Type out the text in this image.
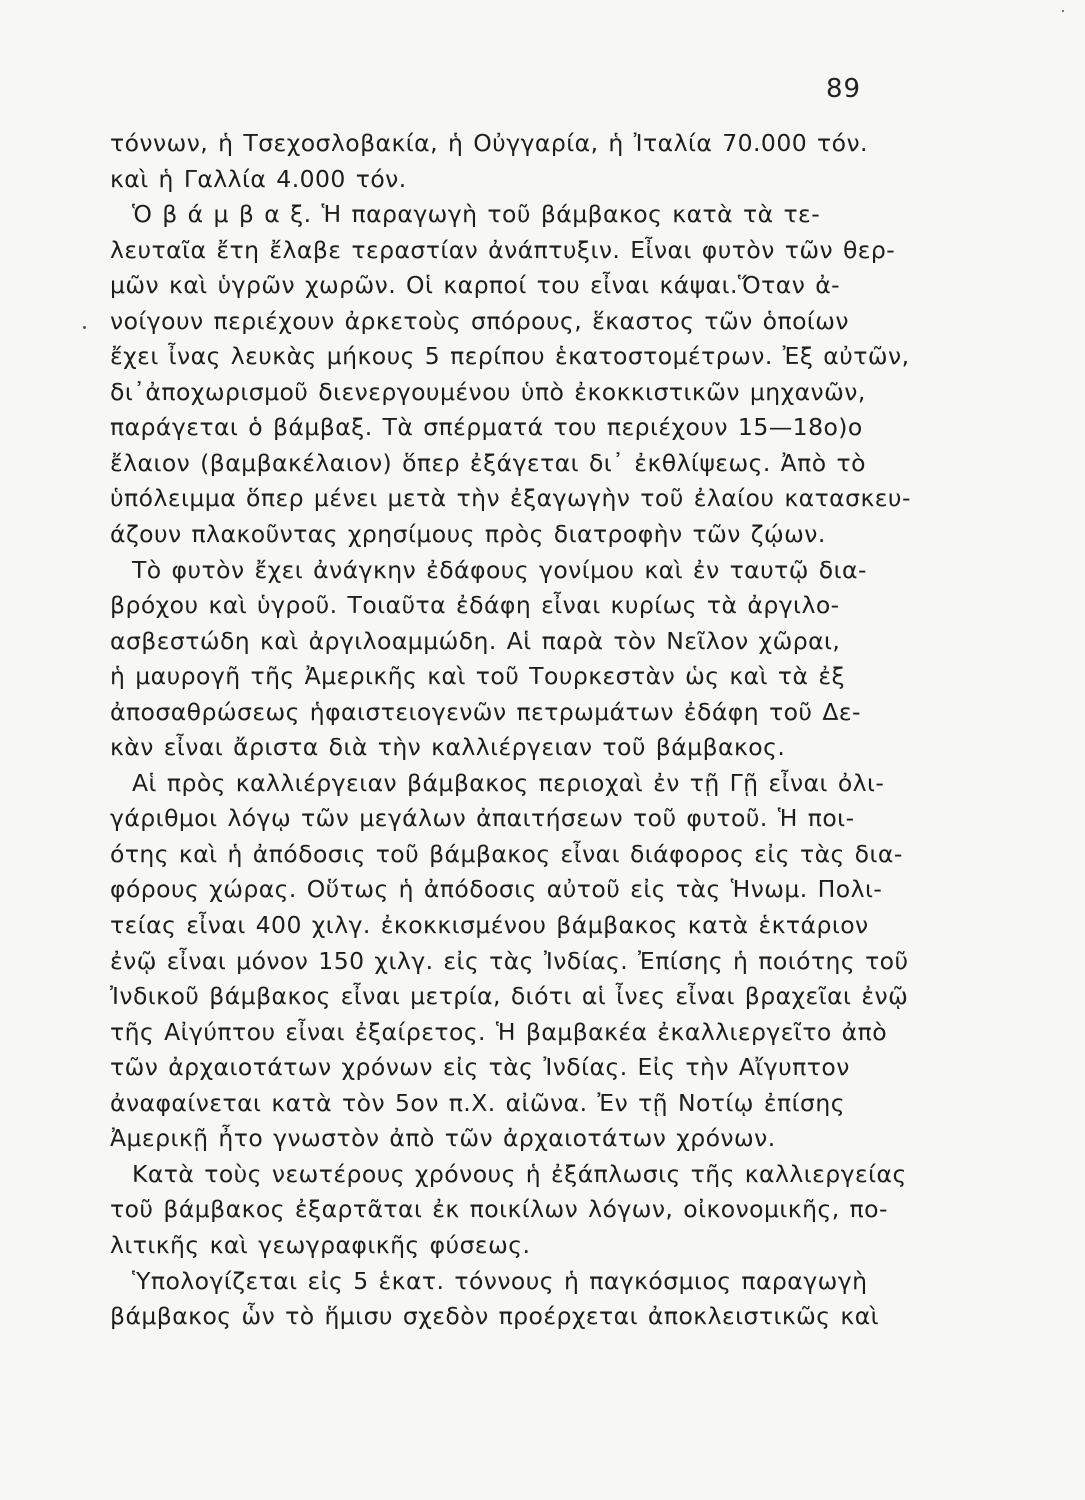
89
τόννων, ἡ Τσεχοσλοβακία, ἡ Οὐγγαρία, ἡ Ἰταλία 70.000 τόν.
καὶ ἡ Γαλλία 4.000 τόν.
Ὁ β ά μ β α ξ. Ἡ παραγωγὴ τοῦ βάμβακος κατὰ τὰ τε-
λευταῖα ἔτη ἔλαβε τεραστίαν ἀνάπτυξιν. Εἶναι φυτὸν τῶν θερ-
μῶν καὶ ὑγρῶν χωρῶν. Οἱ καρποί του εἶναι κάψαι.Ὅταν ἀ-
νοίγουν περιέχουν ἀρκετοὺς σπόρους, ἕκαστος τῶν ὁποίων
ἔχει ἶνας λευκὰς μήκους 5 περίπου ἑκατοστομέτρων. Ἐξ αὐτῶν,
δι᾿ἀποχωρισμοῦ διενεργουμένου ὑπὸ ἐκοκκιστικῶν μηχανῶν,
παράγεται ὁ βάμβαξ. Τὰ σπέρματά του περιέχουν 15—18ο)ο
ἔλαιον (βαμβακέλαιον) ὅπερ ἐξάγεται δι᾿ ἐκθλίψεως. Ἀπὸ τὸ
ὑπόλειμμα ὅπερ μένει μετὰ τὴν ἐξαγωγὴν τοῦ ἐλαίου κατασκευ-
άζουν πλακοῦντας χρησίμους πρὸς διατροφὴν τῶν ζῴων.
Τὸ φυτὸν ἔχει ἀνάγκην ἐδάφους γονίμου καὶ ἐν ταυτῷ δια-
βρόχου καὶ ὑγροῦ. Τοιαῦτα ἐδάφη εἶναι κυρίως τὰ ἀργιλο-
ασβεστώδη καὶ ἀργιλοαμμώδη. Αἱ παρὰ τὸν Νεῖλον χῶραι,
ἡ μαυρογῆ τῆς Ἀμερικῆς καὶ τοῦ Τουρκεστὰν ὡς καὶ τὰ ἐξ
ἀποσαθρώσεως ἡφαιστειογενῶν πετρωμάτων ἐδάφη τοῦ Δε-
κὰν εἶναι ἄριστα διὰ τὴν καλλιέργειαν τοῦ βάμβακος.
Αἱ πρὸς καλλιέργειαν βάμβακος περιοχαὶ ἐν τῇ Γῇ εἶναι ὀλι-
γάριθμοι λόγῳ τῶν μεγάλων ἀπαιτήσεων τοῦ φυτοῦ. Ἡ ποι-
ότης καὶ ἡ ἀπόδοσις τοῦ βάμβακος εἶναι διάφορος εἰς τὰς δια-
φόρους χώρας. Οὕτως ἡ ἀπόδοσις αὐτοῦ εἰς τὰς Ἡνωμ. Πολι-
τείας εἶναι 400 χιλγ. ἐκοκκισμένου βάμβακος κατὰ ἑκτάριον
ἐνῷ εἶναι μόνον 150 χιλγ. εἰς τὰς Ἰνδίας. Ἐπίσης ἡ ποιότης τοῦ
Ἰνδικοῦ βάμβακος εἶναι μετρία, διότι αἱ ἶνες εἶναι βραχεῖαι ἐνῷ
τῆς Αἰγύπτου εἶναι ἐξαίρετος. Ἡ βαμβακέα ἐκαλλιεργεῖτο ἀπὸ
τῶν ἀρχαιοτάτων χρόνων εἰς τὰς Ἰνδίας. Εἰς τὴν Αἴγυπτον
ἀναφαίνεται κατὰ τὸν 5ον π.Χ. αἰῶνα. Ἐν τῇ Νοτίῳ ἐπίσης
Ἀμερικῇ ἦτο γνωστὸν ἀπὸ τῶν ἀρχαιοτάτων χρόνων.
Κατὰ τοὺς νεωτέρους χρόνους ἡ ἐξάπλωσις τῆς καλλιεργείας
τοῦ βάμβακος ἐξαρτᾶται ἐκ ποικίλων λόγων, οἰκονομικῆς, πο-
λιτικῆς καὶ γεωγραφικῆς φύσεως.
Ὑπολογίζεται εἰς 5 ἑκατ. τόννους ἡ παγκόσμιος παραγωγὴ
βάμβακος ὧν τὸ ἥμισυ σχεδὸν προέρχεται ἀποκλειστικῶς καὶ
